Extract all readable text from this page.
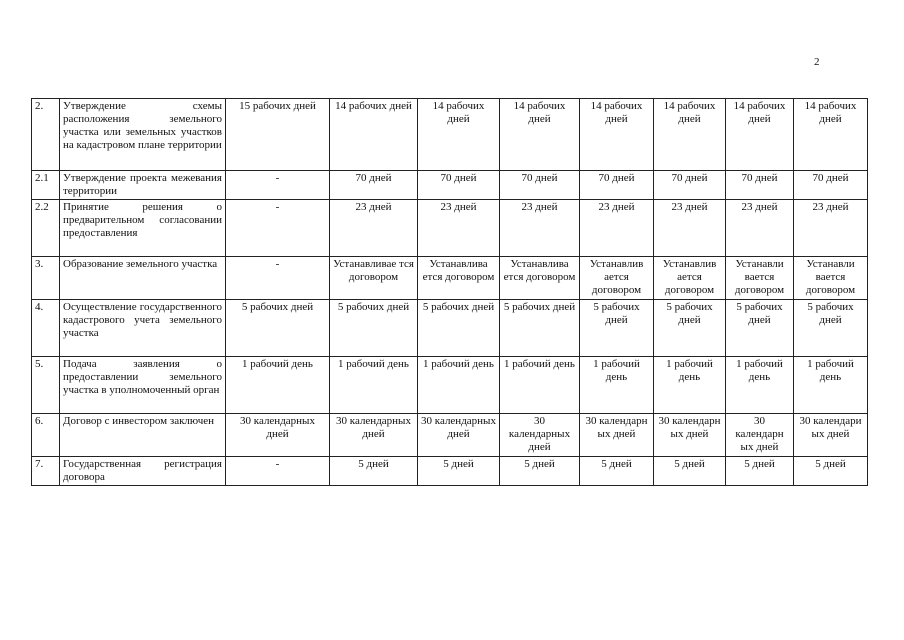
2
2.	Утверждение схемы расположения земельного участка или земельных участков на кадастровом плане территории	15 рабочих дней	14 рабочих дней	14 рабочих дней	14 рабочих дней	14 рабочих дней	14 рабочих дней	14 рабочих дней	14 рабочих дней
2.1	Утверждение проекта межевания территории	-	70 дней	70 дней	70 дней	70 дней	70 дней	70 дней	70 дней
2.2	Принятие решения о предварительном согласовании предоставления	-	23 дней	23 дней	23 дней	23 дней	23 дней	23 дней	23 дней
3.	Образование земельного участка	-	Устанавливае тся договором	Устанавлива ется договором	Устанавлива ется договором	Устанавлив ается договором	Устанавлив ается договором	Устанавли вается договором	Устанавли вается договором
4.	Осуществление государственного кадастрового учета земельного участка	5 рабочих дней	5 рабочих дней	5 рабочих дней	5 рабочих дней	5 рабочих дней	5 рабочих дней	5 рабочих дней	5 рабочих дней
5.	Подача заявления о предоставлении земельного участка в уполномоченный орган	1 рабочий день	1 рабочий день	1 рабочий день	1 рабочий день	1 рабочий день	1 рабочий день	1 рабочий день	1 рабочий день
6.	Договор с инвестором заключен	30 календарных дней	30 календарных дней	30 календарных дней	30 календарных дней	30 календарн ых дней	30 календарн ых дней	30 календарн ых дней	30 календари ых дней
7.	Государственная регистрация договора	-	5 дней	5 дней	5 дней	5 дней	5 дней	5 дней	5 дней
